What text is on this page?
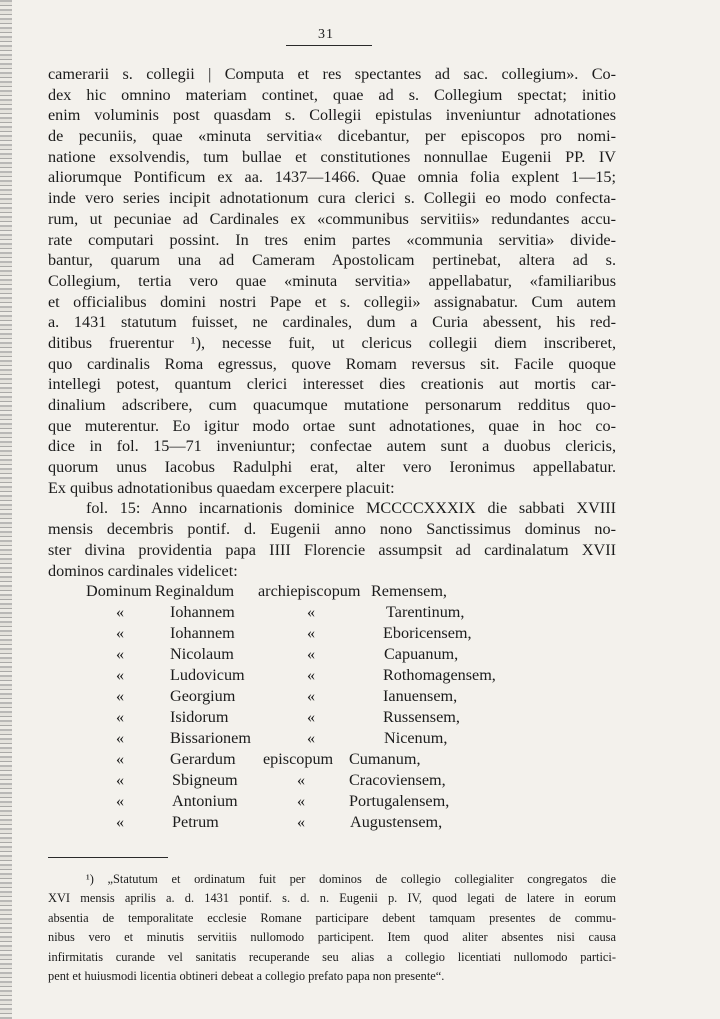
31
camerarii s. collegii | Computa et res spectantes ad sac. collegium». Co-
dex hic omnino materiam continet, quae ad s. Collegium spectat; initio
enim voluminis post quasdam s. Collegii epistulas inveniuntur adnotationes
de pecuniis, quae «minuta servitia« dicebantur, per episcopos pro nomi-
natione exsolvendis, tum bullae et constitutiones nonnullae Eugenii PP. IV
aliorumque Pontificum ex aa. 1437—1466. Quae omnia folia explent 1—15;
inde vero series incipit adnotationum cura clerici s. Collegii eo modo confecta-
rum, ut pecuniae ad Cardinales ex «communibus servitiis» redundantes accu-
rate computari possint. In tres enim partes «communia servitia» divide-
bantur, quarum una ad Cameram Apostolicam pertinebat, altera ad s.
Collegium, tertia vero quae «minuta servitia» appellabatur, «familiaribus
et officialibus domini nostri Pape et s. collegii» assignabatur. Cum autem
a. 1431 statutum fuisset, ne cardinales, dum a Curia abessent, his red-
ditibus fruerentur ¹), necesse fuit, ut clericus collegii diem inscriberet,
quo cardinalis Roma egressus, quove Romam reversus sit. Facile quoque
intellegi potest, quantum clerici interesset dies creationis aut mortis car-
dinalium adscribere, cum quacumque mutatione personarum redditus quo-
que muterentur. Eo igitur modo ortae sunt adnotationes, quae in hoc co-
dice in fol. 15—71 inveniuntur; confectae autem sunt a duobus clericis,
quorum unus Iacobus Radulphi erat, alter vero Ieronimus appellabatur.
Ex quibus adnotationibus quaedam excerpere placuit:
fol. 15: Anno incarnationis dominice MCCCCXXXIX die sabbati XVIII
mensis decembris pontif. d. Eugenii anno nono Sanctissimus dominus no-
ster divina providentia papa IIII Florencie assumpsit ad cardinalatum XVII
dominos cardinales videlicet:
Dominum Reginaldum archiepiscopum Remensem,
«	Iohannem	«	Tarentinum,
«	Iohannem	«	Eboricensem,
«	Nicolaum	«	Capuanum,
«	Ludovicum	«	Rothomagensem,
«	Georgium	«	Ianuensem,
«	Isidorum	«	Russensem,
«	Bissarionem	«	Nicenum,
«	Gerardum episcopum Cumanum,
«	Sbigneum	«	Cracoviensem,
«	Antonium	«	Portugalensem,
«	Petrum	«	Augustensem,
¹) „Statutum et ordinatum fuit per dominos de collegio collegialiter congregatos die
XVI mensis aprilis a. d. 1431 pontif. s. d. n. Eugenii p. IV, quod legati de latere in eorum
absentia de temporalitate ecclesie Romane participare debent tamquam presentes de commu-
nibus vero et minutis servitiis nullomodo participent. Item quod aliter absentes nisi causa
infirmitatis curande vel sanitatis recuperande seu alias a collegio licentiati nullomodo partici-
pent et huiusmodi licentia obtineri debeat a collegio prefato papa non presente“.
